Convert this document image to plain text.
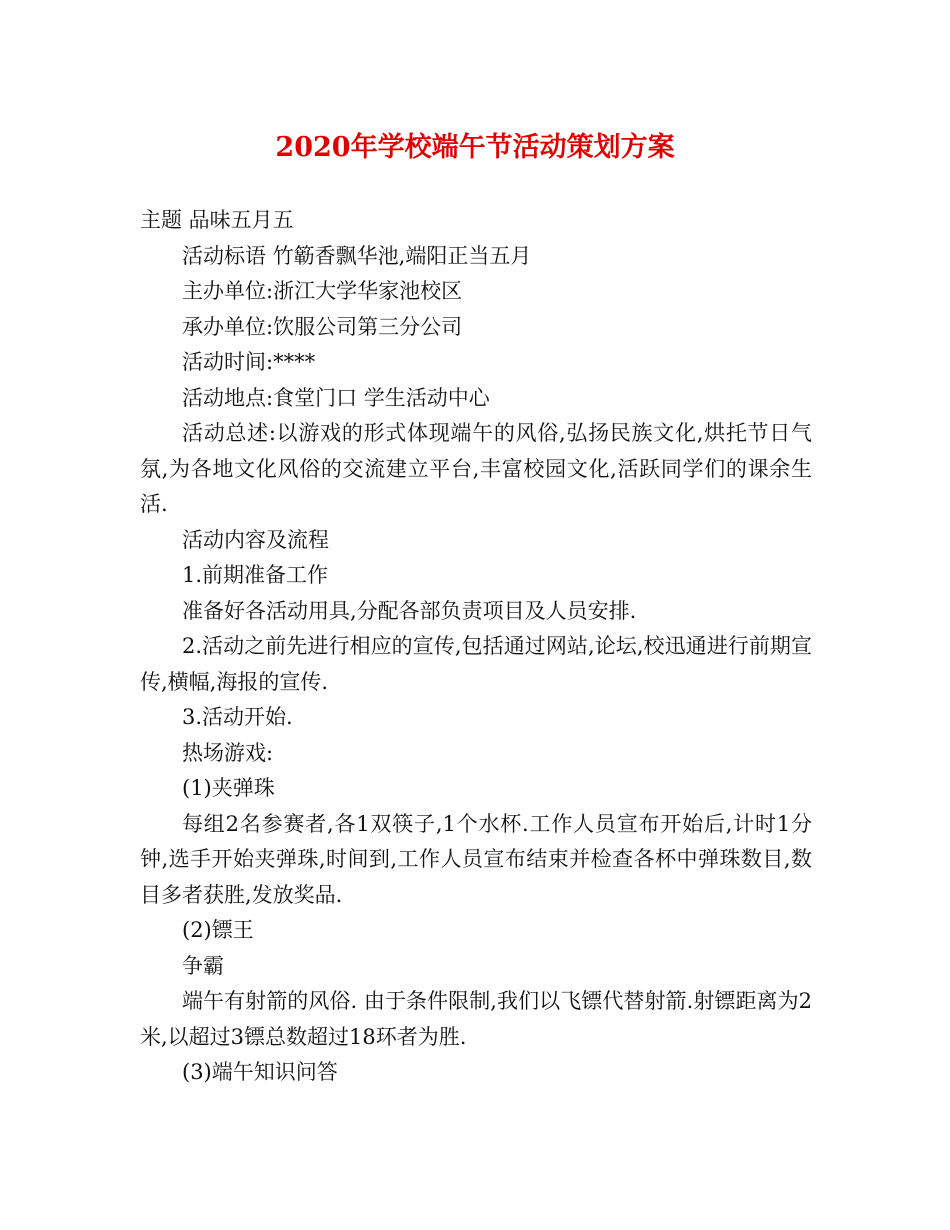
2020年学校端午节活动策划方案

主题 品味五月五

活动标语 竹簕香飘华池,端阳正当五月

主办单位:浙江大学华家池校区

承办单位:饮服公司第三分公司

活动时间:****

活动地点:食堂门口 学生活动中心

活动总述:以游戏的形式体现端午的风俗,弘扬民族文化,烘托节日气氛,为各地文化风俗的交流建立平台,丰富校园文化,活跃同学们的课余生活.

活动内容及流程

1.前期准备工作

准备好各活动用具,分配各部负责项目及人员安排.

2.活动之前先进行相应的宣传,包括通过网站,论坛,校迅通进行前期宣传,横幅,海报的宣传.

3.活动开始.

热场游戏:

(1)夹弹珠

每组2名参赛者,各1双筷子,1个水杯.工作人员宣布开始后,计时1分钟,选手开始夹弹珠,时间到,工作人员宣布结束并检查各杯中弹珠数目,数目多者获胜,发放奖品.

(2)镖王

争霸

端午有射箭的风俗. 由于条件限制,我们以飞镖代替射箭.射镖距离为2米,以超过3镖总数超过18环者为胜.

(3)端午知识问答
